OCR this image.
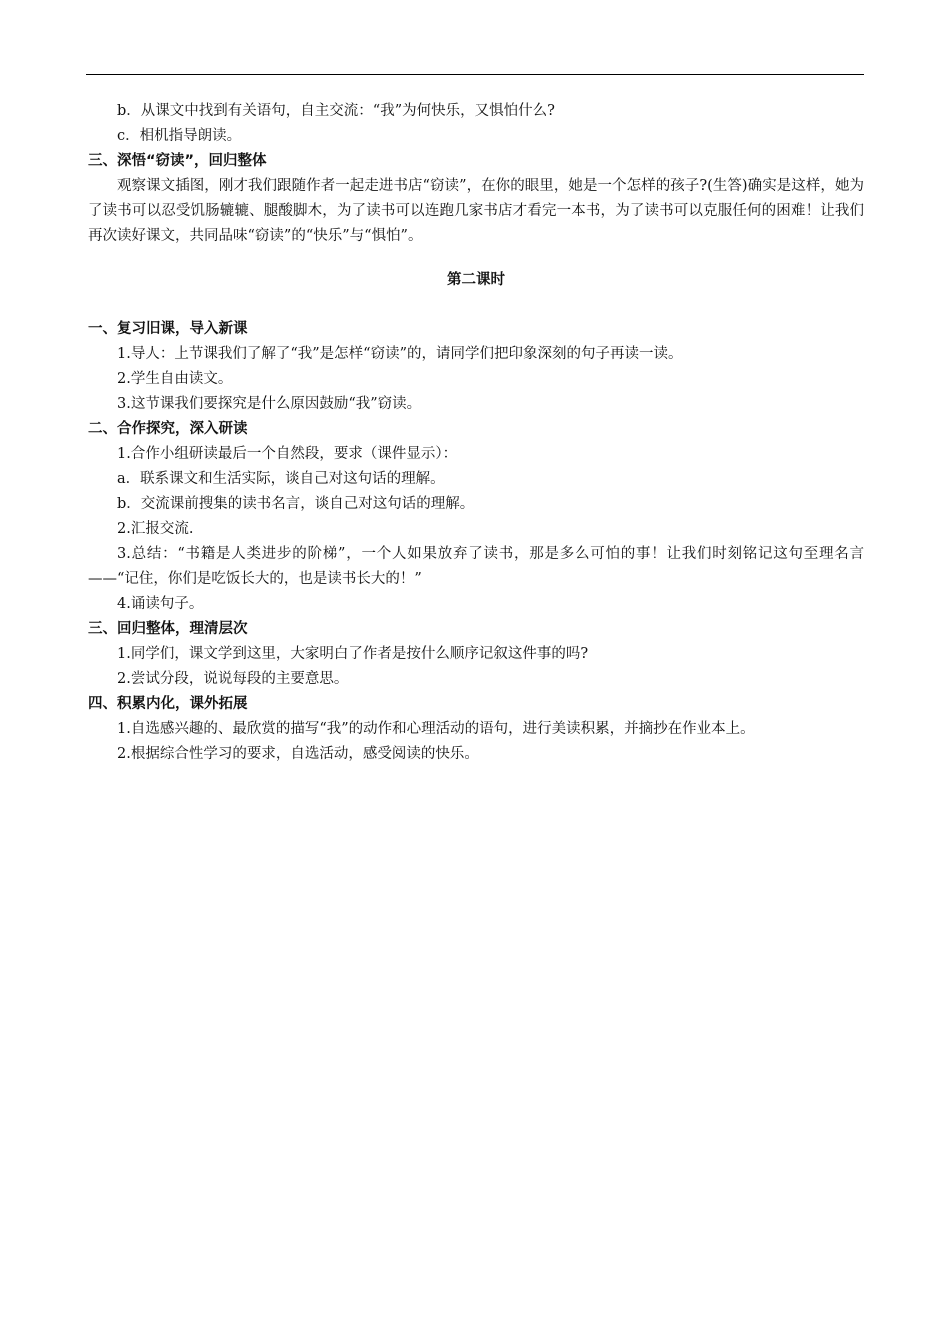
b．从课文中找到有关语句，自主交流：“我”为何快乐，又惧怕什么?

c．相机指导朗读。

三、深悟“窃读”，回归整体

观察课文插图，刚才我们跟随作者一起走进书店“窃读”，在你的眼里，她是一个怎样的孩子?(生答)确实是这样，她为了读书可以忍受饥肠辘辘、腿酸脚木，为了读书可以连跑几家书店才看完一本书，为了读书可以克服任何的困难！让我们再次读好课文，共同品味“窃读”的“快乐”与“惧怕”。

第二课时

一、复习旧课，导入新课

1.导人：上节课我们了解了“我”是怎样“窃读”的，请同学们把印象深刻的句子再读一读。

2.学生自由读文。

3.这节课我们要探究是什么原因鼓励“我”窃读。

二、合作探究，深入研读

1.合作小组研读最后一个自然段，要求（课件显示）：

a．联系课文和生活实际，谈自己对这句话的理解。

b．交流课前搜集的读书名言，谈自己对这句话的理解。

2.汇报交流.

3.总结：“书籍是人类进步的阶梯”，一个人如果放弃了读书，那是多么可怕的事！让我们时刻铭记这句至理名言——“记住，你们是吃饭长大的，也是读书长大的！”

4.诵读句子。

三、回归整体，理清层次

1.同学们，课文学到这里，大家明白了作者是按什么顺序记叙这件事的吗?

2.尝试分段，说说每段的主要意思。

四、积累内化，课外拓展

1.自选感兴趣的、最欣赏的描写“我”的动作和心理活动的语句，进行美读积累，并摘抄在作业本上。

2.根据综合性学习的要求，自选活动，感受阅读的快乐。
